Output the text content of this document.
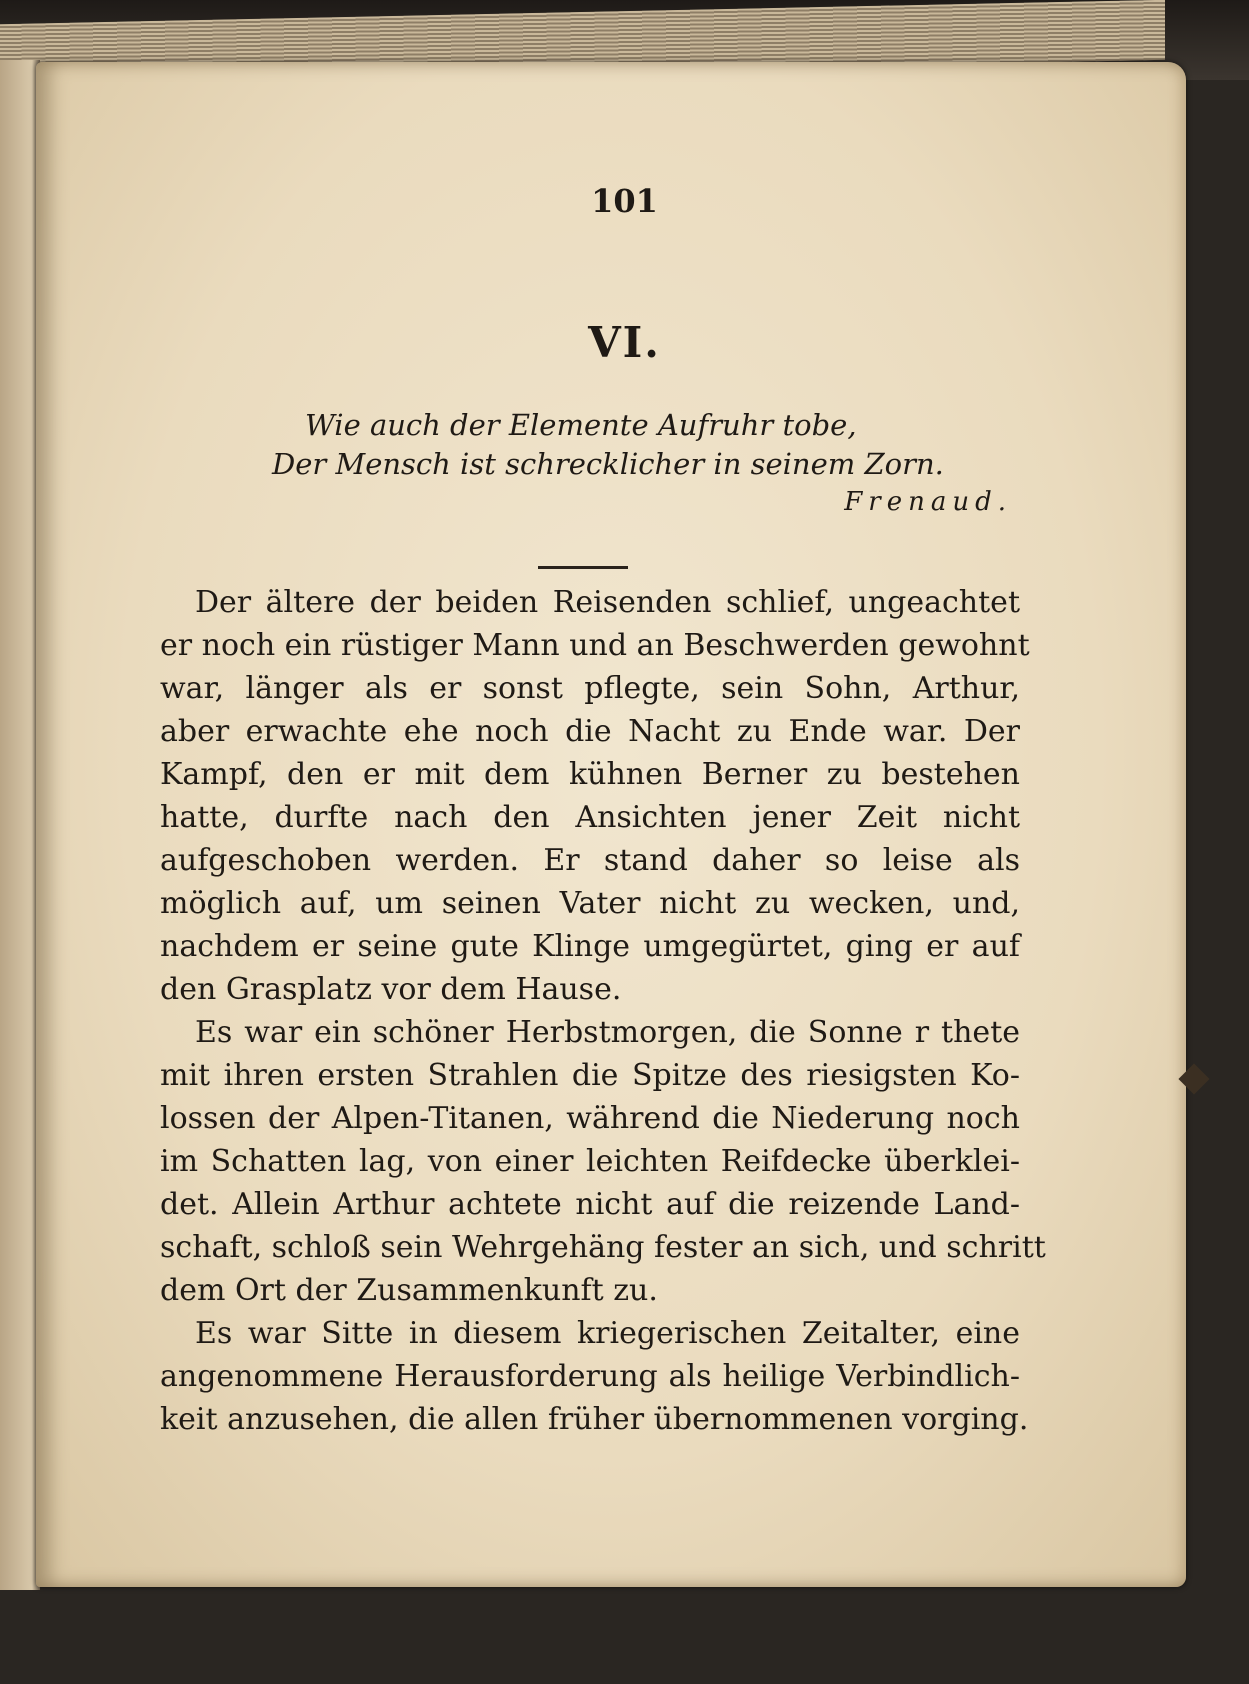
101
VI.
Wie auch der Elemente Aufruhr tobe,
Der Mensch ist schrecklicher in seinem Zorn.
Frenaud.
Der ältere der beiden Reisenden schlief, ungeachtet
er noch ein rüstiger Mann und an Beschwerden gewohnt
war, länger als er sonst pflegte, sein Sohn, Arthur,
aber erwachte ehe noch die Nacht zu Ende war. Der
Kampf, den er mit dem kühnen Berner zu bestehen
hatte, durfte nach den Ansichten jener Zeit nicht
aufgeschoben werden. Er stand daher so leise als
möglich auf, um seinen Vater nicht zu wecken, und,
nachdem er seine gute Klinge umgegürtet, ging er auf
den Grasplatz vor dem Hause.
Es war ein schöner Herbstmorgen, die Sonne r thete
mit ihren ersten Strahlen die Spitze des riesigsten Ko-
lossen der Alpen-Titanen, während die Niederung noch
im Schatten lag, von einer leichten Reifdecke überklei-
det. Allein Arthur achtete nicht auf die reizende Land-
schaft, schloß sein Wehrgehäng fester an sich, und schritt
dem Ort der Zusammenkunft zu.
Es war Sitte in diesem kriegerischen Zeitalter, eine
angenommene Herausforderung als heilige Verbindlich-
keit anzusehen, die allen früher übernommenen vorging.
